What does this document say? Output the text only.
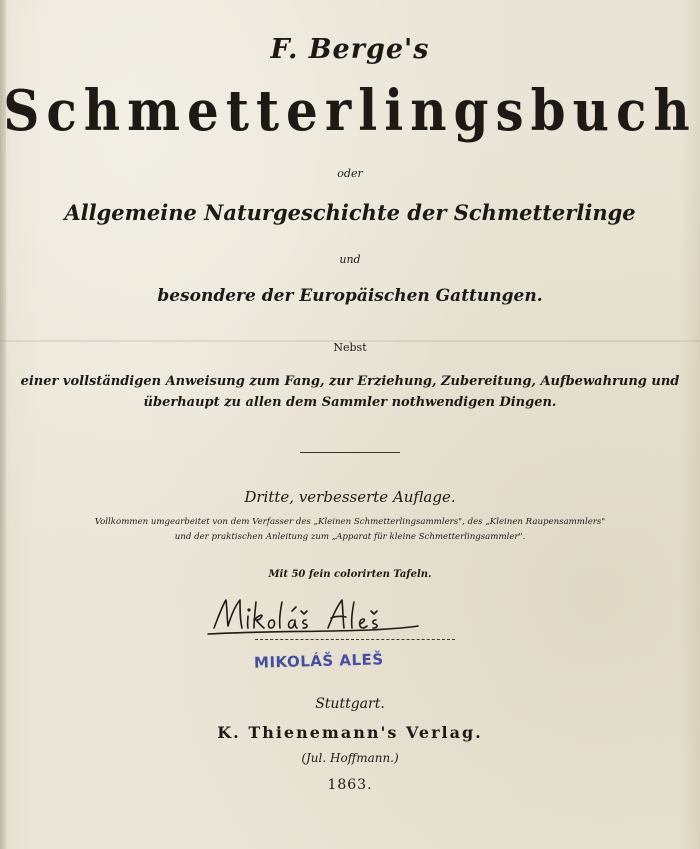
F. Berge's
Schmetterlingsbuch
oder
Allgemeine Naturgeschichte der Schmetterlinge
und
besondere der Europäischen Gattungen.
Nebst
einer vollständigen Anweisung zum Fang, zur Erziehung, Zubereitung, Aufbewahrung und
überhaupt zu allen dem Sammler nothwendigen Dingen.
Dritte, verbesserte Auflage.
Vollkommen umgearbeitet von dem Verfasser des „Kleinen Schmetterlingsammlers", des „Kleinen Raupensammlers"
und der praktischen Anleitung zum „Apparat für kleine Schmetterlingsammler".
Mit 50 fein colorirten Tafeln.
MIKOLÁŠ ALEŠ
Stuttgart.
K. Thienemann's Verlag.
(Jul. Hoffmann.)
1863.
